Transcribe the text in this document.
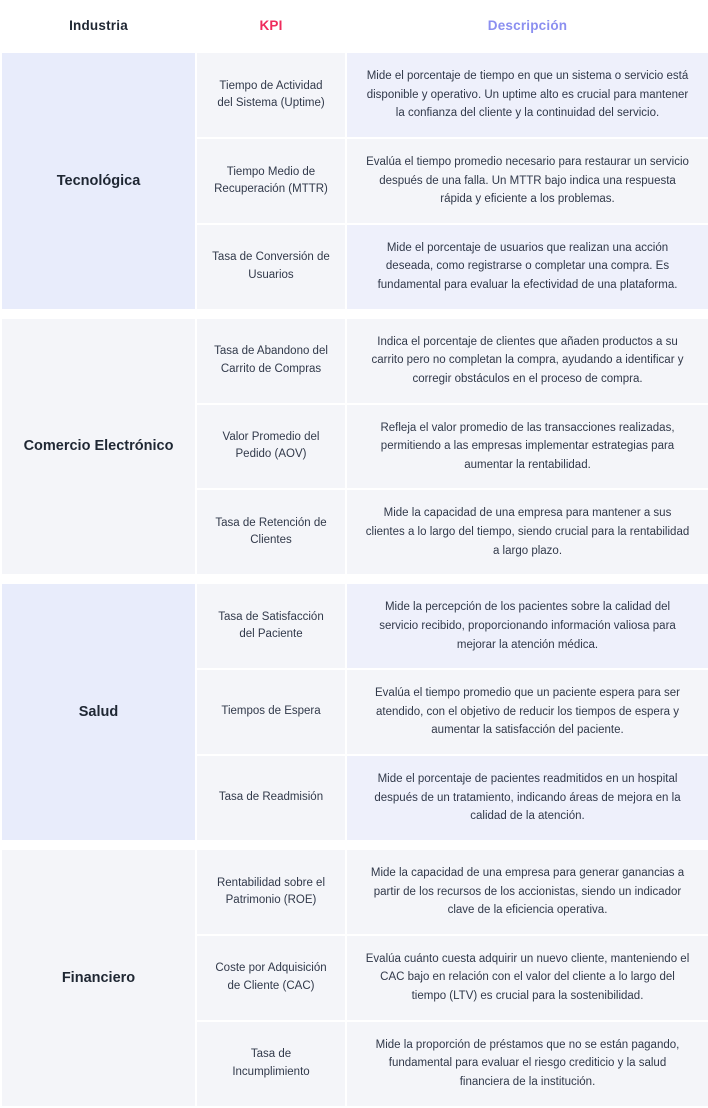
Industria	KPI	Descripción
Tecnológica	Tiempo de Actividad del Sistema (Uptime)	Mide el porcentaje de tiempo en que un sistema o servicio está disponible y operativo. Un uptime alto es crucial para mantener la confianza del cliente y la continuidad del servicio.
	Tiempo Medio de Recuperación (MTTR)	Evalúa el tiempo promedio necesario para restaurar un servicio después de una falla. Un MTTR bajo indica una respuesta rápida y eficiente a los problemas.
	Tasa de Conversión de Usuarios	Mide el porcentaje de usuarios que realizan una acción deseada, como registrarse o completar una compra. Es fundamental para evaluar la efectividad de una plataforma.

Comercio Electrónico	Tasa de Abandono del Carrito de Compras	Indica el porcentaje de clientes que añaden productos a su carrito pero no completan la compra, ayudando a identificar y corregir obstáculos en el proceso de compra.
	Valor Promedio del Pedido (AOV)	Refleja el valor promedio de las transacciones realizadas, permitiendo a las empresas implementar estrategias para aumentar la rentabilidad.
	Tasa de Retención de Clientes	Mide la capacidad de una empresa para mantener a sus clientes a lo largo del tiempo, siendo crucial para la rentabilidad a largo plazo.

Salud	Tasa de Satisfacción del Paciente	Mide la percepción de los pacientes sobre la calidad del servicio recibido, proporcionando información valiosa para mejorar la atención médica.
	Tiempos de Espera	Evalúa el tiempo promedio que un paciente espera para ser atendido, con el objetivo de reducir los tiempos de espera y aumentar la satisfacción del paciente.
	Tasa de Readmisión	Mide el porcentaje de pacientes readmitidos en un hospital después de un tratamiento, indicando áreas de mejora en la calidad de la atención.

Financiero	Rentabilidad sobre el Patrimonio (ROE)	Mide la capacidad de una empresa para generar ganancias a partir de los recursos de los accionistas, siendo un indicador clave de la eficiencia operativa.
	Coste por Adquisición de Cliente (CAC)	Evalúa cuánto cuesta adquirir un nuevo cliente, manteniendo el CAC bajo en relación con el valor del cliente a lo largo del tiempo (LTV) es crucial para la sostenibilidad.
	Tasa de Incumplimiento	Mide la proporción de préstamos que no se están pagando, fundamental para evaluar el riesgo crediticio y la salud financiera de la institución.
